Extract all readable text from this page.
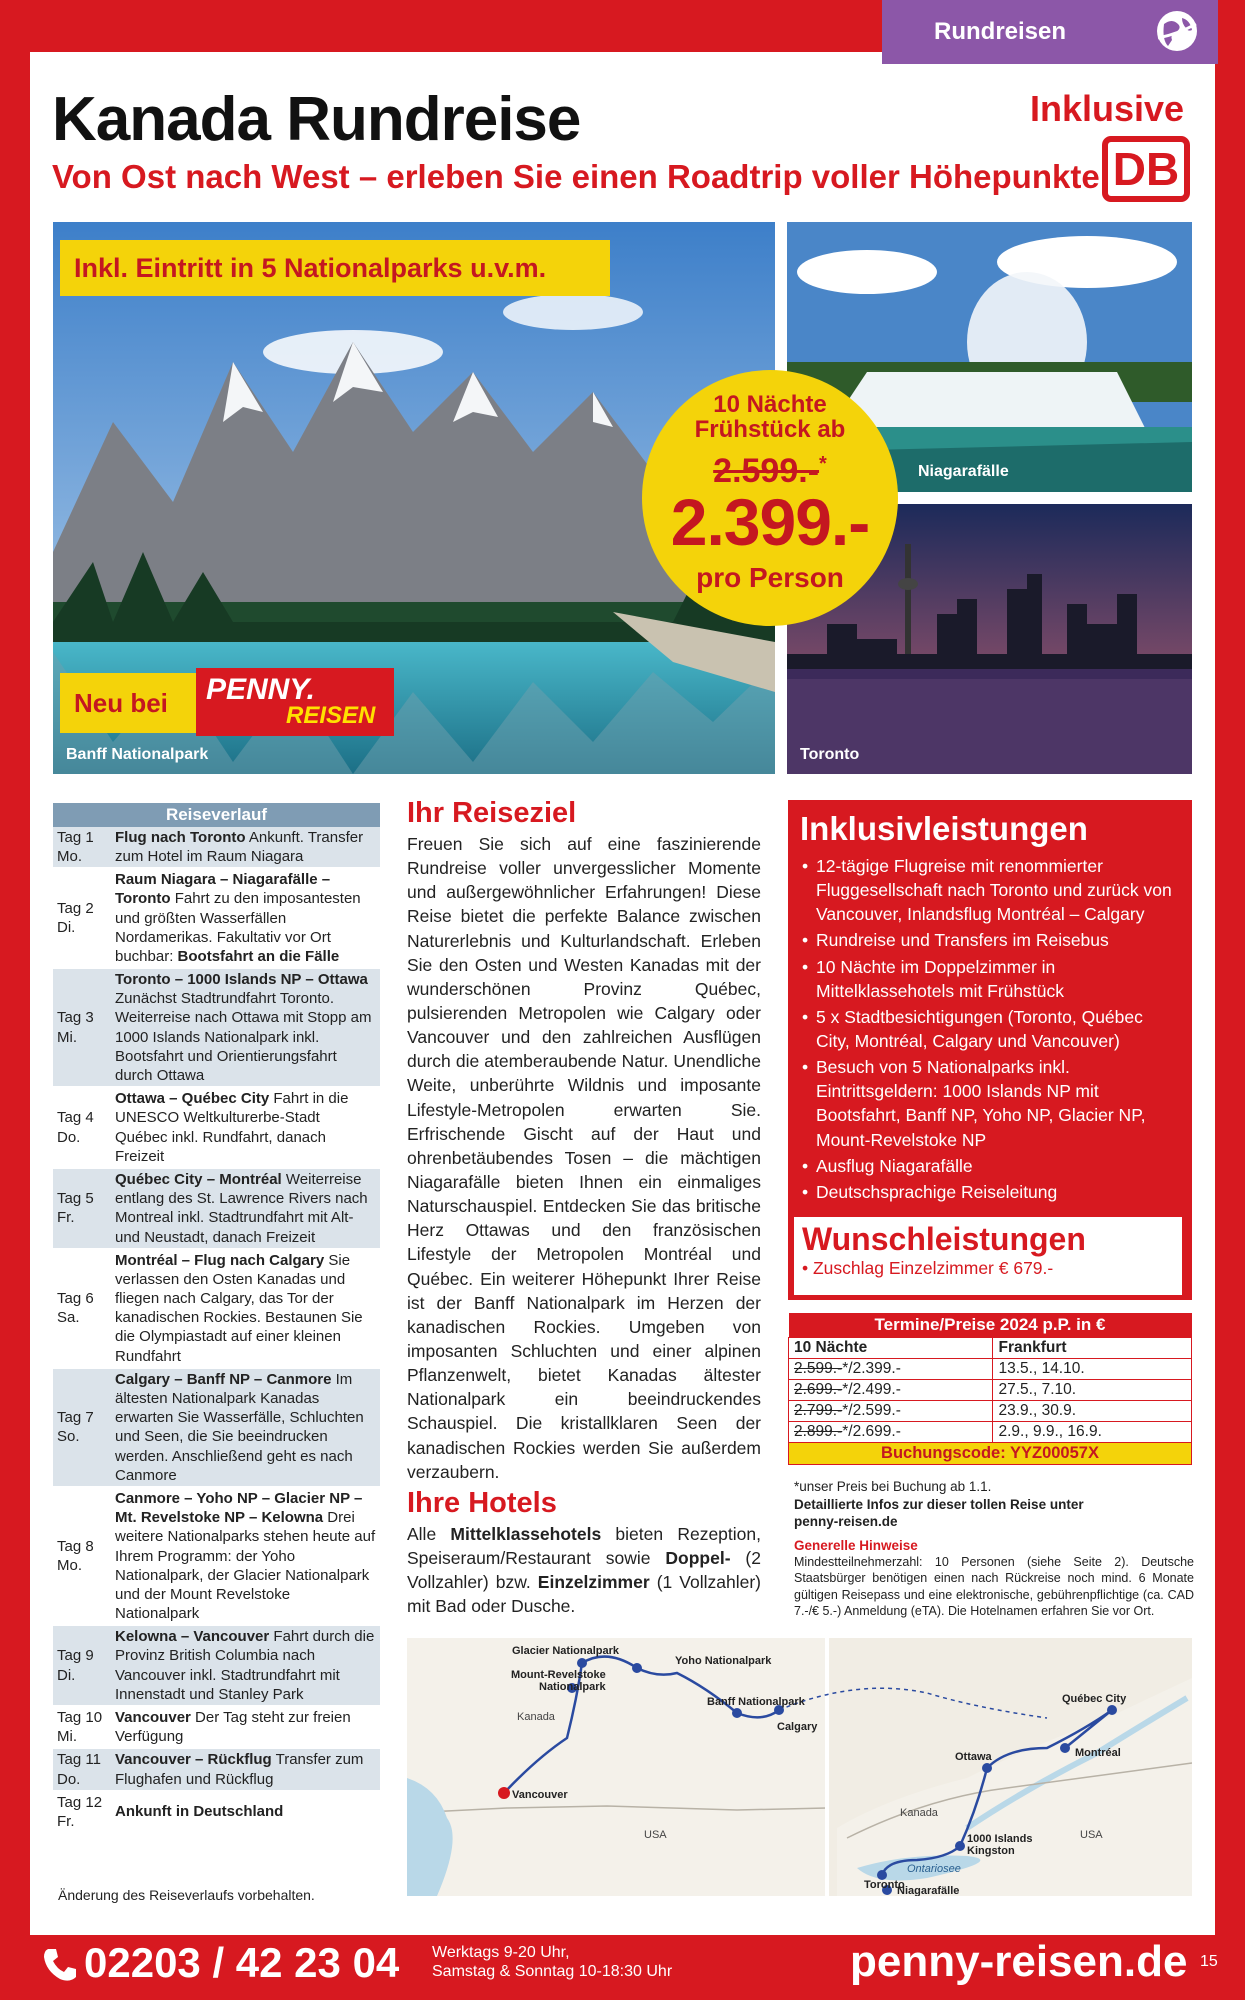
Rundreisen
Kanada Rundreise
Von Ost nach West – erleben Sie einen Roadtrip voller Höhepunkte!
Inklusive
DB
Inkl. Eintritt in 5 Nationalparks u.v.m.
Neu bei	PENNY.
REISEN
Banff Nationalpark
Niagarafälle
Toronto
10 Nächte
Frühstück ab
2.599.-*
2.399.-
pro Person
Reiseverlauf	
Tag 1
Mo.	Flug nach Toronto Ankunft. Transfer zum Hotel im Raum Niagara
Tag 2
Di.	Raum Niagara – Niagarafälle – Toronto Fahrt zu den imposantesten und größten Wasserfällen Nordamerikas. Fakultativ vor Ort buchbar: Bootsfahrt an die Fälle
Tag 3
Mi.	Toronto – 1000 Islands NP – Ottawa Zunächst Stadtrundfahrt Toronto. Weiterreise nach Ottawa mit Stopp am 1000 Islands Nationalpark inkl. Bootsfahrt und Orientierungsfahrt durch Ottawa
Tag 4
Do.	Ottawa – Québec City Fahrt in die UNESCO Weltkulturerbe-Stadt Québec inkl. Rundfahrt, danach Freizeit
Tag 5
Fr.	Québec City – Montréal Weiterreise entlang des St. Lawrence Rivers nach Montreal inkl. Stadtrundfahrt mit Alt- und Neustadt, danach Freizeit
Tag 6
Sa.	Montréal – Flug nach Calgary Sie verlassen den Osten Kanadas und fliegen nach Calgary, das Tor der kanadischen Rockies. Bestaunen Sie die Olympiastadt auf einer kleinen Rundfahrt
Tag 7
So.	Calgary – Banff NP – Canmore Im ältesten Nationalpark Kanadas erwarten Sie Wasserfälle, Schluchten und Seen, die Sie beeindrucken werden. Anschließend geht es nach Canmore
Tag 8
Mo.	Canmore – Yoho NP – Glacier NP – Mt. Revelstoke NP – Kelowna Drei weitere Nationalparks stehen heute auf Ihrem Programm: der Yoho Nationalpark, der Glacier Nationalpark und der Mount Revelstoke Nationalpark
Tag 9
Di.	Kelowna – Vancouver Fahrt durch die Provinz British Columbia nach Vancouver inkl. Stadtrundfahrt mit Innenstadt und Stanley Park
Tag 10
Mi.	Vancouver Der Tag steht zur freien Verfügung
Tag 11
Do.	Vancouver – Rückflug Transfer zum Flughafen und Rückflug
Tag 12
Fr.	Ankunft in Deutschland
Änderung des Reiseverlaufs vorbehalten.
Ihr Reiseziel

Freuen Sie sich auf eine faszinierende Rundreise voller unvergesslicher Momente und außergewöhnlicher Erfahrungen! Diese Reise bietet die perfekte Balance zwischen Naturerlebnis und Kulturlandschaft. Erleben Sie den Osten und Westen Kanadas mit der wunderschönen Provinz Québec, pulsierenden Metropolen wie Calgary oder Vancouver und den zahlreichen Ausflügen durch die atemberaubende Natur. Unendliche Weite, unberührte Wildnis und imposante Lifestyle-Metropolen erwarten Sie. Erfrischende Gischt auf der Haut und ohrenbetäubendes Tosen – die mächtigen Niagarafälle bieten Ihnen ein einmaliges Naturschauspiel. Entdecken Sie das britische Herz Ottawas und den französischen Lifestyle der Metropolen Montréal und Québec. Ein weiterer Höhepunkt Ihrer Reise ist der Banff Nationalpark im Herzen der kanadischen Rockies. Umgeben von imposanten Schluchten und einer alpinen Pflanzenwelt, bietet Kanadas ältester Nationalpark ein beeindruckendes Schauspiel. Die kristallklaren Seen der kanadischen Rockies werden Sie außerdem verzaubern.

Ihre Hotels

Alle Mittelklassehotels bieten Rezeption, Speiseraum/Restaurant sowie Doppel- (2 Vollzahler) bzw. Einzelzimmer (1 Vollzahler) mit Bad oder Dusche.

Inklusivleistungen
• 12-tägige Flugreise mit renommierter Fluggesellschaft nach Toronto und zurück von Vancouver, Inlandsflug Montréal – Calgary
• Rundreise und Transfers im Reisebus
• 10 Nächte im Doppelzimmer in Mittelklassehotels mit Frühstück
• 5 x Stadtbesichtigungen (Toronto, Québec City, Montréal, Calgary und Vancouver)
• Besuch von 5 Nationalparks inkl. Eintrittsgeldern: 1000 Islands NP mit Bootsfahrt, Banff NP, Yoho NP, Glacier NP, Mount-Revelstoke NP
• Ausflug Niagarafälle
• Deutschsprachige Reiseleitung
Wunschleistungen
• Zuschlag Einzelzimmer € 679.-
Termine/Preise 2024 p.P. in €	
10 Nächte	Frankfurt
2.599.-*/2.399.-	13.5., 14.10.
2.699.-*/2.499.-	27.5., 7.10.
2.799.-*/2.599.-	23.9., 30.9.
2.899.-*/2.699.-	2.9., 9.9., 16.9.
Buchungscode: YYZ00057X	
*unser Preis bei Buchung ab 1.1.
Detaillierte Infos zur dieser tollen Reise unter penny-reisen.de
Generelle Hinweise
Mindestteilnehmerzahl: 10 Personen (siehe Seite 2). Deutsche Staatsbürger benötigen einen nach Rückreise noch mind. 6 Monate gültigen Reisepass und eine elektronische, gebührenpflichtige (ca. CAD 7.-/€ 5.-) Anmeldung (eTA). Die Hotelnamen erfahren Sie vor Ort.
Glacier Nationalpark
Mount-Revelstoke
Nationalpark
Yoho Nationalpark
Banff Nationalpark
Calgary
Vancouver
Québec City
Ottawa	Montréal
1000 Islands
Kingston
Toronto
Niagarafälle
Kanada
USA
Kanada
USA
Ontariosee
02203 / 42 23 04 Werktags 9-20 Uhr,
Samstag & Sonntag 10-18:30 Uhr	penny-reisen.de 15
